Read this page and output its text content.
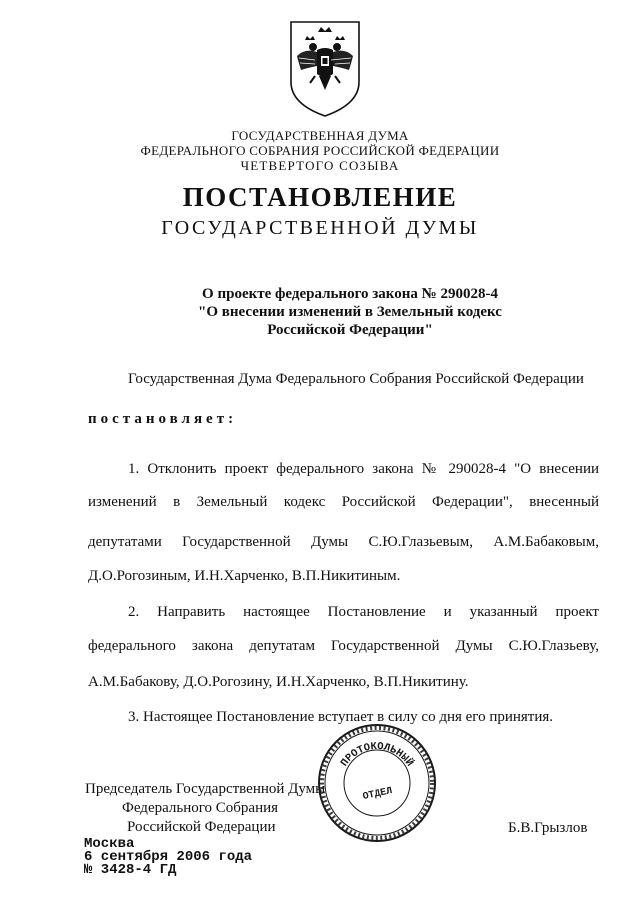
ГОСУДАРСТВЕННАЯ ДУМА
ФЕДЕРАЛЬНОГО СОБРАНИЯ РОССИЙСКОЙ ФЕДЕРАЦИИ
ЧЕТВЕРТОГО СОЗЫВА
ПОСТАНОВЛЕНИЕ
ГОСУДАРСТВЕННОЙ ДУМЫ
О проекте федерального закона № 290028-4
"О внесении изменений в Земельный кодекс
Российской Федерации"
Государственная Дума Федерального Собрания Российской Федерации
постановляет:
1. Отклонить проект федерального закона № 290028-4 "О внесении
изменений в Земельный кодекс Российской Федерации", внесенный
депутатами Государственной Думы С.Ю.Глазьевым, А.М.Бабаковым,
Д.О.Рогозиным, И.Н.Харченко, В.П.Никитиным.
2. Направить настоящее Постановление и указанный проект
федерального закона депутатам Государственной Думы С.Ю.Глазьеву,
А.М.Бабакову, Д.О.Рогозину, И.Н.Харченко, В.П.Никитину.
3. Настоящее Постановление вступает в силу со дня его принятия.
Председатель Государственной Думы
Федерального Собрания
Российской Федерации	Б.В.Грызлов
Москва
6 сентября 2006 года
№ 3428-4 ГД
ПРОТОКОЛЬНЫЙ
ОТДЕЛ
